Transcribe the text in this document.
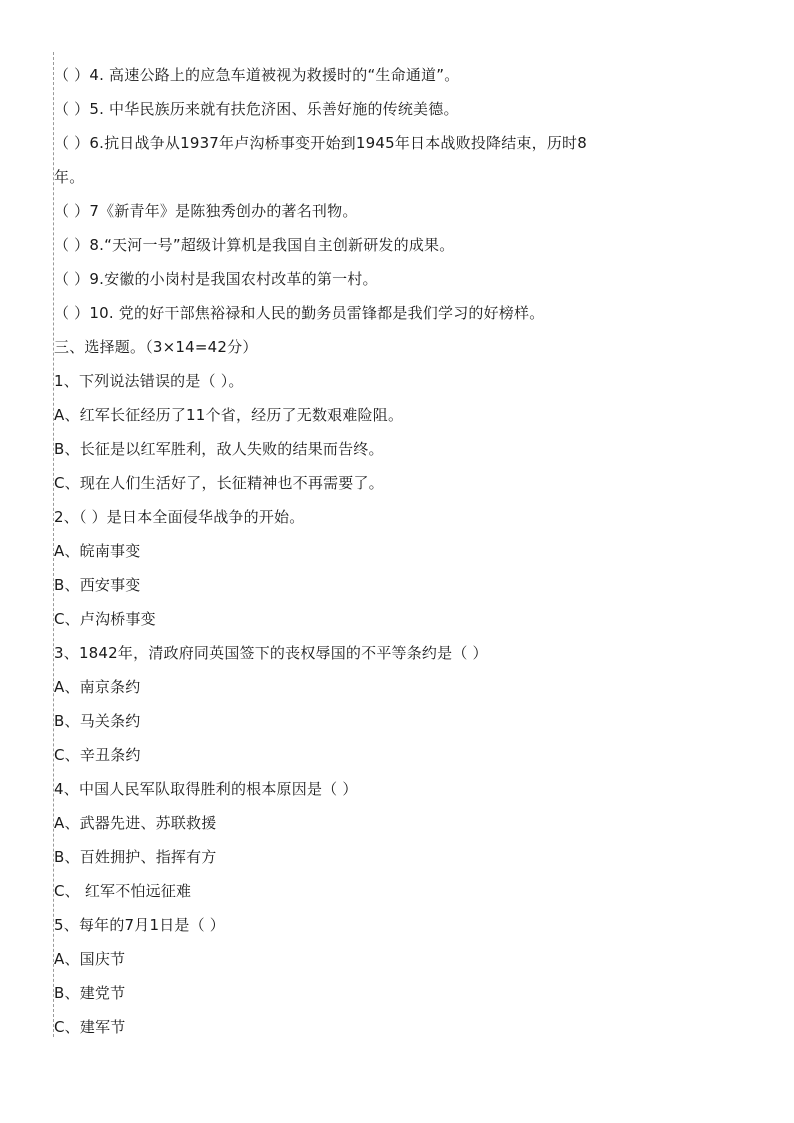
（ ）4. 高速公路上的应急车道被视为救援时的“生命通道”。
（ ）5. 中华民族历来就有扶危济困、乐善好施的传统美德。
（ ）6.抗日战争从1937年卢沟桥事变开始到1945年日本战败投降结束，历时8
年。
（ ）7《新青年》是陈独秀创办的著名刊物。
（ ）8.“天河一号”超级计算机是我国自主创新研发的成果。
（ ）9.安徽的小岗村是我国农村改革的第一村。
（ ）10. 党的好干部焦裕禄和人民的勤务员雷锋都是我们学习的好榜样。
三、选择题。（3×14=42分）
1、下列说法错误的是（ ）。
A、红军长征经历了11个省，经历了无数艰难险阻。
B、长征是以红军胜利，敌人失败的结果而告终。
C、现在人们生活好了，长征精神也不再需要了。
2、（ ）是日本全面侵华战争的开始。
A、皖南事变
B、西安事变
C、卢沟桥事变
3、1842年，清政府同英国签下的丧权辱国的不平等条约是（ ）
A、南京条约
B、马关条约
C、辛丑条约
4、中国人民军队取得胜利的根本原因是（ ）
A、武器先进、苏联救援
B、百姓拥护、指挥有方
C、 红军不怕远征难
5、每年的7月1日是（ ）
A、国庆节
B、建党节
C、建军节
